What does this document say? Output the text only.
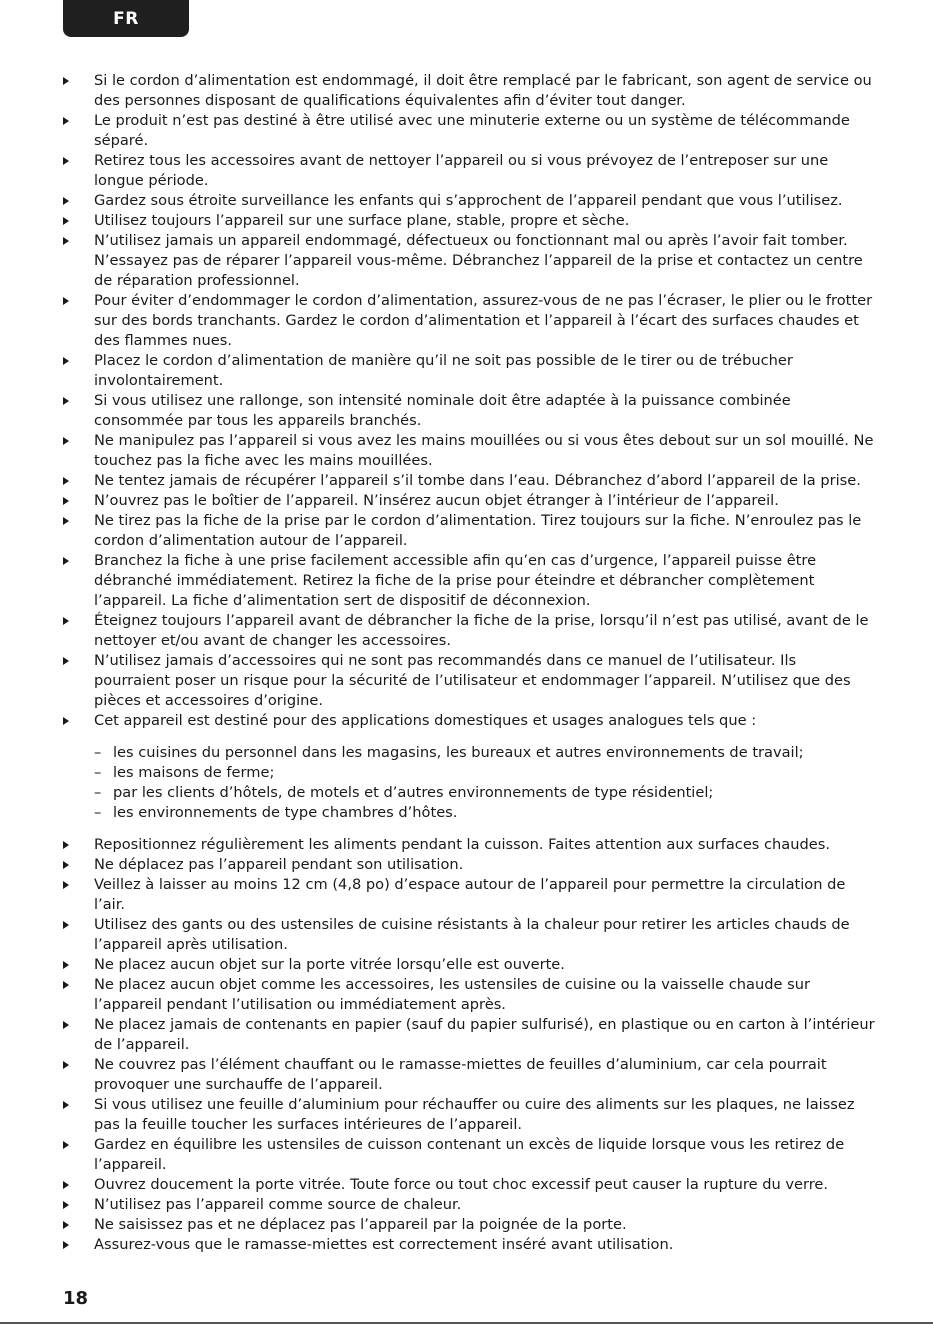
FR
Si le cordon d’alimentation est endommagé, il doit être remplacé par le fabricant, son agent de service ou des personnes disposant de qualifications équivalentes afin d’éviter tout danger.
Le produit n’est pas destiné à être utilisé avec une minuterie externe ou un système de télécommande séparé.
Retirez tous les accessoires avant de nettoyer l’appareil ou si vous prévoyez de l’entreposer sur une longue période.
Gardez sous étroite surveillance les enfants qui s’approchent de l’appareil pendant que vous l’utilisez.
Utilisez toujours l’appareil sur une surface plane, stable, propre et sèche.
N’utilisez jamais un appareil endommagé, défectueux ou fonctionnant mal ou après l’avoir fait tomber. N’essayez pas de réparer l’appareil vous-même. Débranchez l’appareil de la prise et contactez un centre de réparation professionnel.
Pour éviter d’endommager le cordon d’alimentation, assurez-vous de ne pas l’écraser, le plier ou le frotter sur des bords tranchants. Gardez le cordon d’alimentation et l’appareil à l’écart des surfaces chaudes et des flammes nues.
Placez le cordon d’alimentation de manière qu’il ne soit pas possible de le tirer ou de trébucher involontairement.
Si vous utilisez une rallonge, son intensité nominale doit être adaptée à la puissance combinée consommée par tous les appareils branchés.
Ne manipulez pas l’appareil si vous avez les mains mouillées ou si vous êtes debout sur un sol mouillé. Ne touchez pas la fiche avec les mains mouillées.
Ne tentez jamais de récupérer l’appareil s’il tombe dans l’eau. Débranchez d’abord l’appareil de la prise.
N’ouvrez pas le boîtier de l’appareil. N’insérez aucun objet étranger à l’intérieur de l’appareil.
Ne tirez pas la fiche de la prise par le cordon d’alimentation. Tirez toujours sur la fiche. N’enroulez pas le cordon d’alimentation autour de l’appareil.
Branchez la fiche à une prise facilement accessible afin qu’en cas d’urgence, l’appareil puisse être débranché immédiatement. Retirez la fiche de la prise pour éteindre et débrancher complètement l’appareil. La fiche d’alimentation sert de dispositif de déconnexion.
Éteignez toujours l’appareil avant de débrancher la fiche de la prise, lorsqu’il n’est pas utilisé, avant de le nettoyer et/ou avant de changer les accessoires.
N’utilisez jamais d’accessoires qui ne sont pas recommandés dans ce manuel de l’utilisateur. Ils pourraient poser un risque pour la sécurité de l’utilisateur et endommager l’appareil. N’utilisez que des pièces et accessoires d’origine.
Cet appareil est destiné pour des applications domestiques et usages analogues tels que :
– les cuisines du personnel dans les magasins, les bureaux et autres environnements de travail;
– les maisons de ferme;
– par les clients d’hôtels, de motels et d’autres environnements de type résidentiel;
– les environnements de type chambres d’hôtes.
Repositionnez régulièrement les aliments pendant la cuisson. Faites attention aux surfaces chaudes.
Ne déplacez pas l’appareil pendant son utilisation.
Veillez à laisser au moins 12 cm (4,8 po) d’espace autour de l’appareil pour permettre la circulation de l’air.
Utilisez des gants ou des ustensiles de cuisine résistants à la chaleur pour retirer les articles chauds de l’appareil après utilisation.
Ne placez aucun objet sur la porte vitrée lorsqu’elle est ouverte.
Ne placez aucun objet comme les accessoires, les ustensiles de cuisine ou la vaisselle chaude sur l’appareil pendant l’utilisation ou immédiatement après.
Ne placez jamais de contenants en papier (sauf du papier sulfurisé), en plastique ou en carton à l’intérieur de l’appareil.
Ne couvrez pas l’élément chauffant ou le ramasse-miettes de feuilles d’aluminium, car cela pourrait provoquer une surchauffe de l’appareil.
Si vous utilisez une feuille d’aluminium pour réchauffer ou cuire des aliments sur les plaques, ne laissez pas la feuille toucher les surfaces intérieures de l’appareil.
Gardez en équilibre les ustensiles de cuisson contenant un excès de liquide lorsque vous les retirez de l’appareil.
Ouvrez doucement la porte vitrée. Toute force ou tout choc excessif peut causer la rupture du verre.
N’utilisez pas l’appareil comme source de chaleur.
Ne saisissez pas et ne déplacez pas l’appareil par la poignée de la porte.
Assurez-vous que le ramasse-miettes est correctement inséré avant utilisation.
18
